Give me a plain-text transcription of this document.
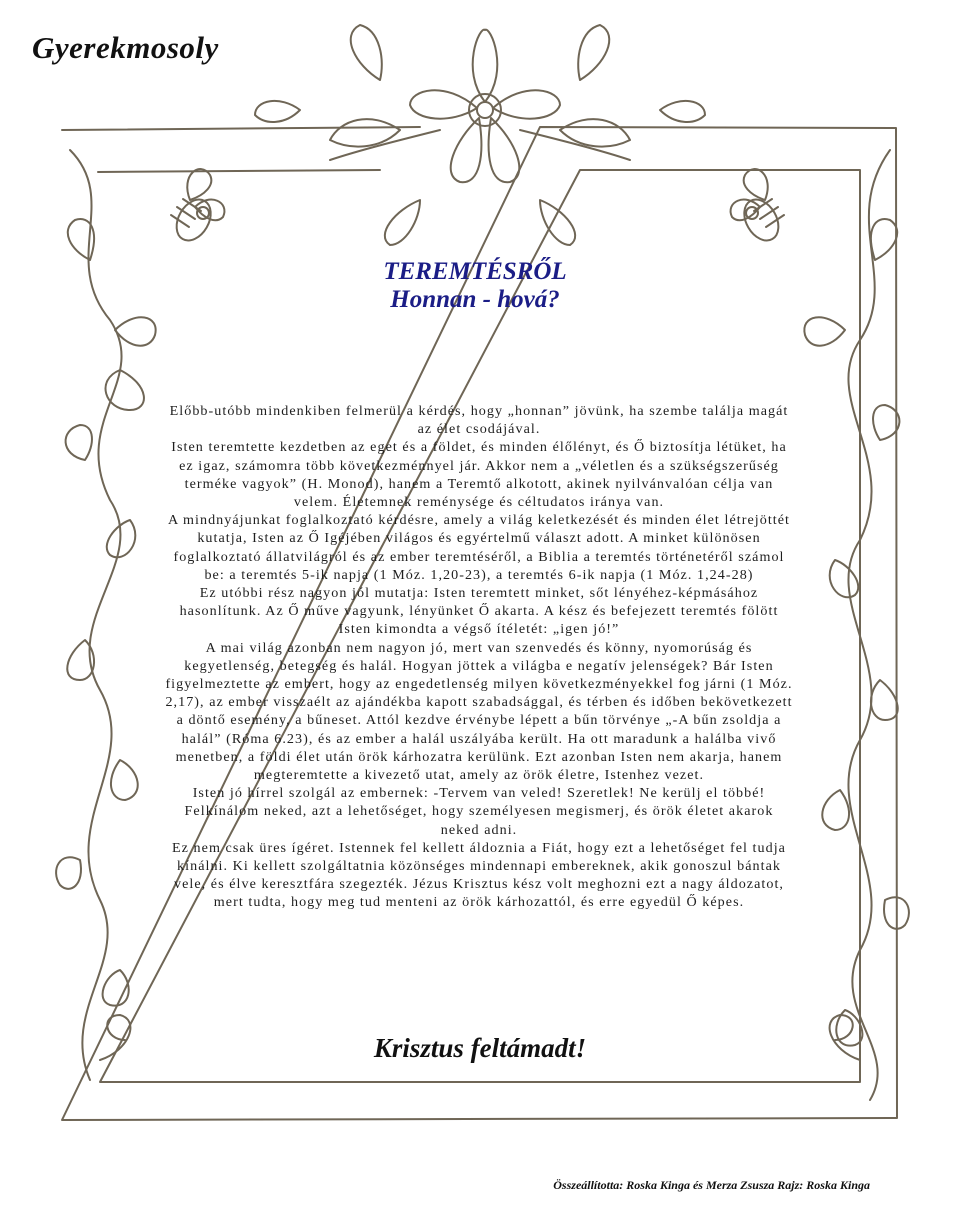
Gyerekmosoly
TEREMTÉSRŐL
Honnan - hová?

Előbb-utóbb mindenkiben felmerül a kérdés, hogy „honnan” jövünk, ha szembe találja magát az élet csodájával.

Isten teremtette kezdetben az eget és a földet, és minden élőlényt, és Ő biztosítja létüket, ha ez igaz, számomra több következménnyel jár. Akkor nem a „véletlen és a szükségszerűség terméke vagyok” (H. Monod), hanem a Teremtő alkotott, akinek nyilvánvalóan célja van velem. Életemnek reménysége és céltudatos iránya van.

A mindnyájunkat foglalkoztató kérdésre, amely a világ keletkezését és minden élet létrejöttét kutatja, Isten az Ő Igéjében világos és egyértelmű választ adott. A minket különösen foglalkoztató állatvilágról és az ember teremtéséről, a Biblia a teremtés történetéről számol be: a teremtés 5-ik napja (1 Móz. 1,20-23), a teremtés 6-ik napja (1 Móz. 1,24-28)

Ez utóbbi rész nagyon jól mutatja: Isten teremtett minket, sőt lényéhez-képmásához hasonlítunk. Az Ő műve vagyunk, lényünket Ő akarta. A kész és befejezett teremtés fölött Isten kimondta a végső ítéletét: „igen jó!”

A mai világ azonban nem nagyon jó, mert van szenvedés és könny, nyomorúság és kegyetlenség, betegség és halál. Hogyan jöttek a világba e negatív jelenségek? Bár Isten figyelmeztette az embert, hogy az engedetlenség milyen következményekkel fog járni (1 Móz. 2,17), az ember visszaélt az ajándékba kapott szabadsággal, és térben és időben bekövetkezett a döntő esemény, a bűneset. Attól kezdve érvénybe lépett a bűn törvénye „-A bűn zsoldja a halál” (Róma 6.23), és az ember a halál uszályába került. Ha ott maradunk a halálba vivő menetben, a földi élet után örök kárhozatra kerülünk. Ezt azonban Isten nem akarja, hanem megteremtette a kivezető utat, amely az örök életre, Istenhez vezet.

Isten jó hírrel szolgál az embernek: -Tervem van veled! Szeretlek! Ne kerülj el többé! Felkínálom neked, azt a lehetőséget, hogy személyesen megismerj, és örök életet akarok neked adni.

Ez nem csak üres ígéret. Istennek fel kellett áldoznia a Fiát, hogy ezt a lehetőséget fel tudja kínálni. Ki kellett szolgáltatnia közönséges mindennapi embereknek, akik gonoszul bántak vele, és élve keresztfára szegezték. Jézus Krisztus kész volt meghozni ezt a nagy áldozatot, mert tudta, hogy meg tud menteni az örök kárhozattól, és erre egyedül Ő képes.

Krisztus feltámadt!
Összeállította: Roska Kinga és Merza Zsusza Rajz: Roska Kinga
